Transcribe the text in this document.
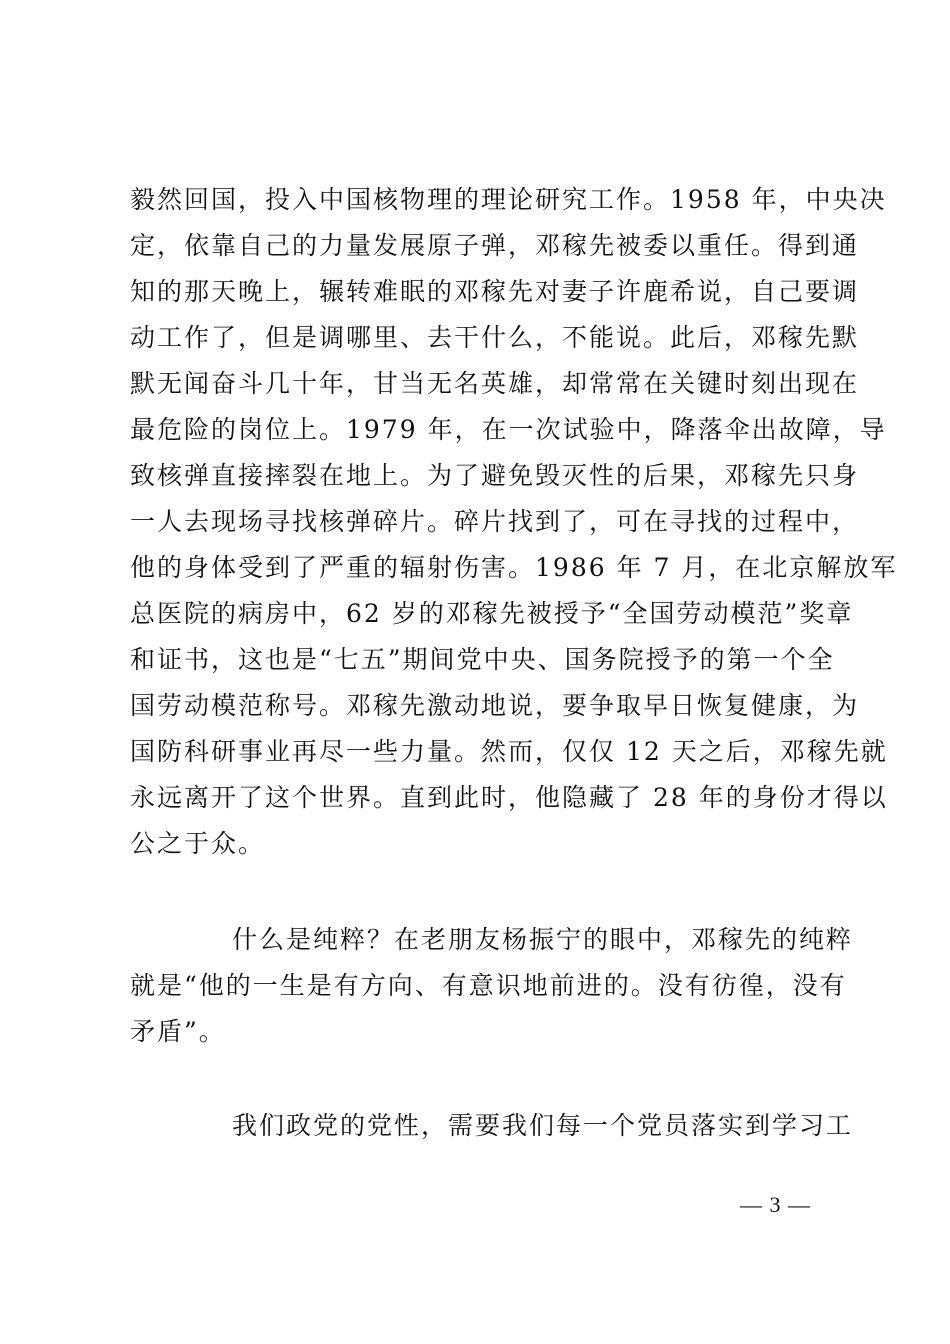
毅然回国，投入中国核物理的理论研究工作。1958 年，中央决
定，依靠自己的力量发展原子弹，邓稼先被委以重任。得到通
知的那天晚上，辗转难眠的邓稼先对妻子许鹿希说，自己要调
动工作了，但是调哪里、去干什么，不能说。此后，邓稼先默
默无闻奋斗几十年，甘当无名英雄，却常常在关键时刻出现在
最危险的岗位上。1979 年，在一次试验中，降落伞出故障，导
致核弹直接摔裂在地上。为了避免毁灭性的后果，邓稼先只身
一人去现场寻找核弹碎片。碎片找到了，可在寻找的过程中，
他的身体受到了严重的辐射伤害。1986 年 7 月，在北京解放军
总医院的病房中，62 岁的邓稼先被授予“全国劳动模范”奖章
和证书，这也是“七五”期间党中央、国务院授予的第一个全
国劳动模范称号。邓稼先激动地说，要争取早日恢复健康，为
国防科研事业再尽一些力量。然而，仅仅 12 天之后，邓稼先就
永远离开了这个世界。直到此时，他隐藏了 28 年的身份才得以
公之于众。
什么是纯粹？在老朋友杨振宁的眼中，邓稼先的纯粹
就是“他的一生是有方向、有意识地前进的。没有彷徨，没有
矛盾”。
我们政党的党性，需要我们每一个党员落实到学习工
— 3 —
